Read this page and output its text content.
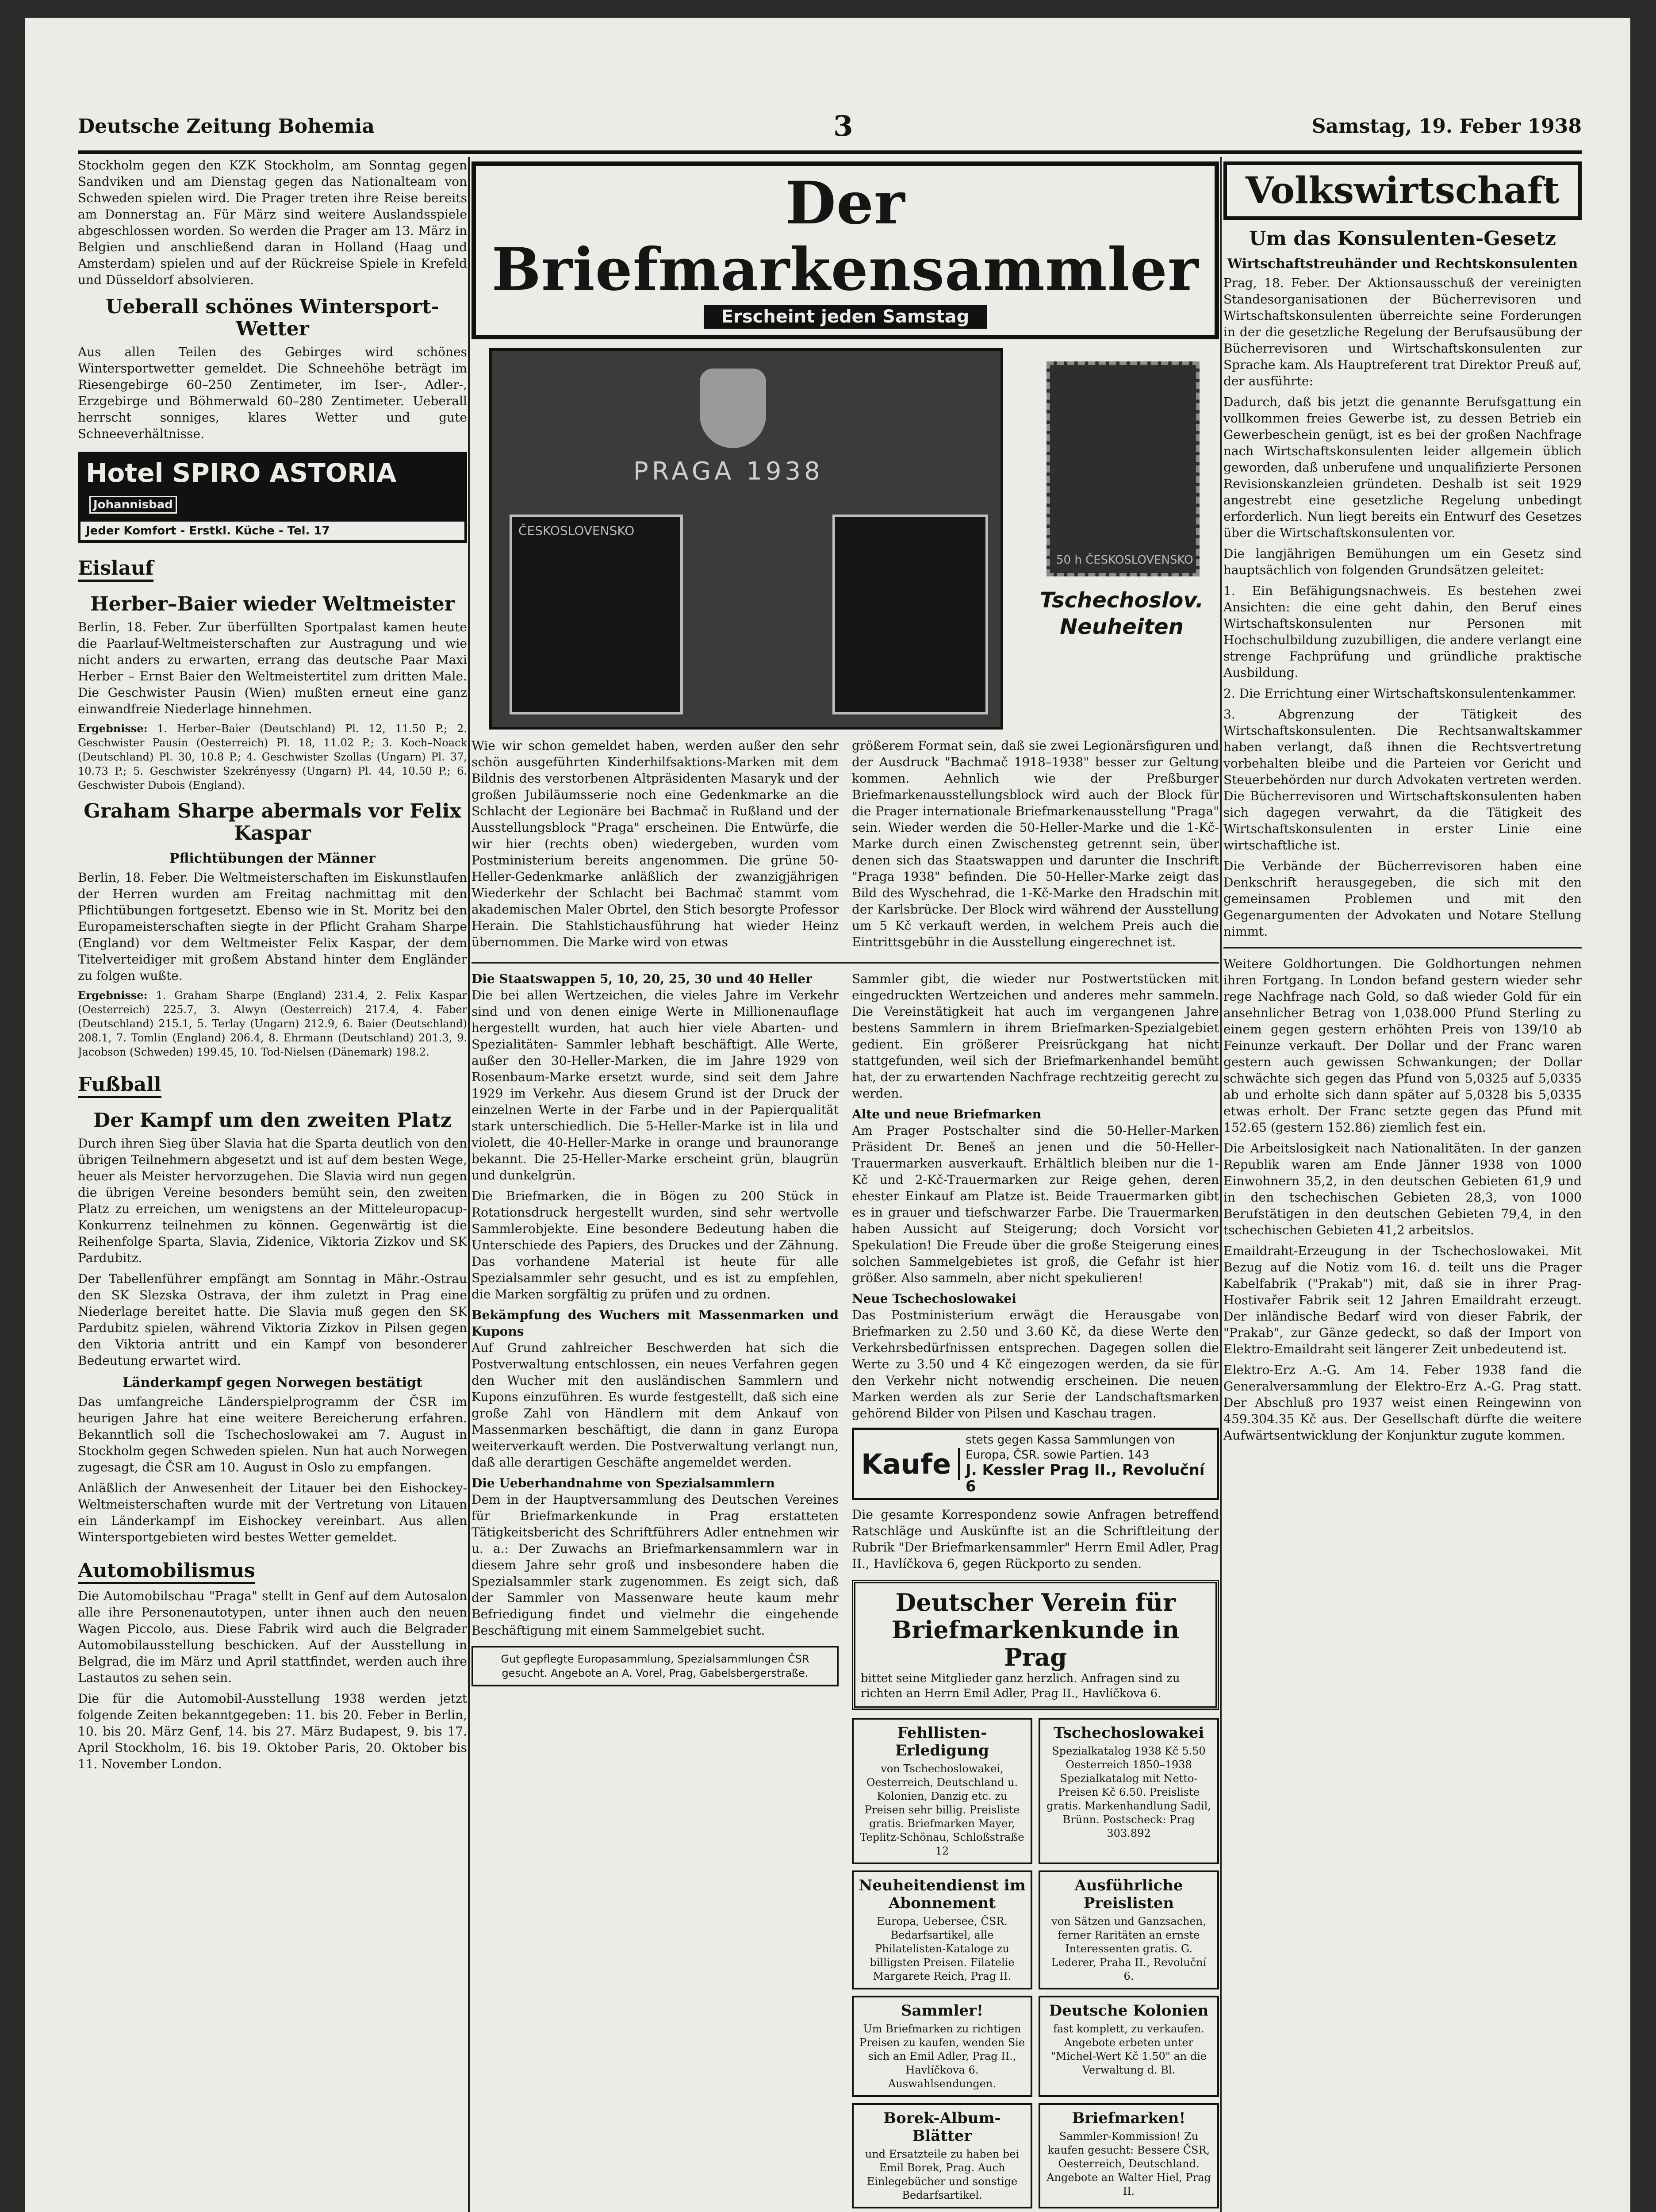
Deutsche Zeitung Bohemia	3	Samstag, 19. Feber 1938

Stockholm gegen den KZK Stockholm, am Sonntag gegen Sandviken und am Dienstag gegen das Nationalteam von Schweden spielen wird. Die Prager treten ihre Reise bereits am Donnerstag an. Für März sind weitere Auslandsspiele abgeschlossen worden. So werden die Prager am 13. März in Belgien und anschließend daran in Holland (Haag und Amsterdam) spielen und auf der Rückreise Spiele in Krefeld und Düsseldorf absolvieren.

Ueberall schönes Wintersport-Wetter

Aus allen Teilen des Gebirges wird schönes Wintersportwetter gemeldet. Die Schneehöhe beträgt im Riesengebirge 60–250 Zentimeter, im Iser-, Adler-, Erzgebirge und Böhmerwald 60–280 Zentimeter. Ueberall herrscht sonniges, klares Wetter und gute Schneeverhältnisse.

Hotel SPIRO ASTORIA Johannisbad
Jeder Komfort - Erstkl. Küche - Tel. 17
Eislauf
Herber–Baier wieder Weltmeister

Berlin, 18. Feber. Zur überfüllten Sportpalast kamen heute die Paarlauf-Weltmeisterschaften zur Austragung und wie nicht anders zu erwarten, errang das deutsche Paar Maxi Herber – Ernst Baier den Weltmeistertitel zum dritten Male. Die Geschwister Pausin (Wien) mußten erneut eine ganz einwandfreie Niederlage hinnehmen.

Ergebnisse: 1. Herber–Baier (Deutschland) Pl. 12, 11.50 P.; 2. Geschwister Pausin (Oesterreich) Pl. 18, 11.02 P.; 3. Koch–Noack (Deutschland) Pl. 30, 10.8 P.; 4. Geschwister Szollas (Ungarn) Pl. 37, 10.73 P.; 5. Geschwister Szekrényessy (Ungarn) Pl. 44, 10.50 P.; 6. Geschwister Dubois (England).

Graham Sharpe abermals vor Felix Kaspar
Pflichtübungen der Männer

Berlin, 18. Feber. Die Weltmeisterschaften im Eiskunstlaufen der Herren wurden am Freitag nachmittag mit den Pflichtübungen fortgesetzt. Ebenso wie in St. Moritz bei den Europameisterschaften siegte in der Pflicht Graham Sharpe (England) vor dem Weltmeister Felix Kaspar, der dem Titelverteidiger mit großem Abstand hinter dem Engländer zu folgen wußte.

Ergebnisse: 1. Graham Sharpe (England) 231.4, 2. Felix Kaspar (Oesterreich) 225.7, 3. Alwyn (Oesterreich) 217.4, 4. Faber (Deutschland) 215.1, 5. Terlay (Ungarn) 212.9, 6. Baier (Deutschland) 208.1, 7. Tomlin (England) 206.4, 8. Ehrmann (Deutschland) 201.3, 9. Jacobson (Schweden) 199.45, 10. Tod-Nielsen (Dänemark) 198.2.

Fußball
Der Kampf um den zweiten Platz

Durch ihren Sieg über Slavia hat die Sparta deutlich von den übrigen Teilnehmern abgesetzt und ist auf dem besten Wege, heuer als Meister hervorzugehen. Die Slavia wird nun gegen die übrigen Vereine besonders bemüht sein, den zweiten Platz zu erreichen, um wenigstens an der Mitteleuropacup-Konkurrenz teilnehmen zu können. Gegenwärtig ist die Reihenfolge Sparta, Slavia, Zidenice, Viktoria Zizkov und SK Pardubitz.

Der Tabellenführer empfängt am Sonntag in Mähr.-Ostrau den SK Slezska Ostrava, der ihm zuletzt in Prag eine Niederlage bereitet hatte. Die Slavia muß gegen den SK Pardubitz spielen, während Viktoria Zizkov in Pilsen gegen den Viktoria antritt und ein Kampf von besonderer Bedeutung erwartet wird.

Länderkampf gegen Norwegen bestätigt

Das umfangreiche Länderspielprogramm der ČSR im heurigen Jahre hat eine weitere Bereicherung erfahren. Bekanntlich soll die Tschechoslowakei am 7. August in Stockholm gegen Schweden spielen. Nun hat auch Norwegen zugesagt, die ČSR am 10. August in Oslo zu empfangen.

Anläßlich der Anwesenheit der Litauer bei den Eishockey-Weltmeisterschaften wurde mit der Vertretung von Litauen ein Länderkampf im Eishockey vereinbart. Aus allen Wintersportgebieten wird bestes Wetter gemeldet.

Automobilismus

Die Automobilschau "Praga" stellt in Genf auf dem Autosalon alle ihre Personenautotypen, unter ihnen auch den neuen Wagen Piccolo, aus. Diese Fabrik wird auch die Belgrader Automobilausstellung beschicken. Auf der Ausstellung in Belgrad, die im März und April stattfindet, werden auch ihre Lastautos zu sehen sein.

Die für die Automobil-Ausstellung 1938 werden jetzt folgende Zeiten bekanntgegeben: 11. bis 20. Feber in Berlin, 10. bis 20. März Genf, 14. bis 27. März Budapest, 9. bis 17. April Stockholm, 16. bis 19. Oktober Paris, 20. Oktober bis 11. November London.

Der Briefmarkensammler
Erscheint jeden Samstag
PRAGA 1938
ČESKOSLOVENSKO
50 h ČESKOSLOVENSKO
Tschechoslov. Neuheiten

Wie wir schon gemeldet haben, werden außer den sehr schön ausgeführten Kinderhilfsaktions-Marken mit dem Bildnis des verstorbenen Altpräsidenten Masaryk und der großen Jubiläumsserie noch eine Gedenkmarke an die Schlacht der Legionäre bei Bachmač in Rußland und der Ausstellungsblock "Praga" erscheinen. Die Entwürfe, die wir hier (rechts oben) wiedergeben, wurden vom Postministerium bereits angenommen. Die grüne 50-Heller-Gedenkmarke anläßlich der zwanzigjährigen Wiederkehr der Schlacht bei Bachmač stammt vom akademischen Maler Obrtel, den Stich besorgte Professor Herain. Die Stahlstichausführung hat wieder Heinz übernommen. Die Marke wird von etwas

größerem Format sein, daß sie zwei Legionärsfiguren und der Ausdruck "Bachmač 1918–1938" besser zur Geltung kommen. Aehnlich wie der Preßburger Briefmarkenausstellungsblock wird auch der Block für die Prager internationale Briefmarkenausstellung "Praga" sein. Wieder werden die 50-Heller-Marke und die 1-Kč-Marke durch einen Zwischensteg getrennt sein, über denen sich das Staatswappen und darunter die Inschrift "Praga 1938" befinden. Die 50-Heller-Marke zeigt das Bild des Wyschehrad, die 1-Kč-Marke den Hradschin mit der Karlsbrücke. Der Block wird während der Ausstellung um 5 Kč verkauft werden, in welchem Preis auch die Eintrittsgebühr in die Ausstellung eingerechnet ist.

Die Staatswappen 5, 10, 20, 25, 30 und 40 Heller
Die bei allen Wertzeichen, die vieles Jahre im Verkehr sind und von denen einige Werte in Millionenauflage hergestellt wurden, hat auch hier viele Abarten- und Spezialitäten- Sammler lebhaft beschäftigt. Alle Werte, außer den 30-Heller-Marken, die im Jahre 1929 von Rosenbaum-Marke ersetzt wurde, sind seit dem Jahre 1929 im Verkehr. Aus diesem Grund ist der Druck der einzelnen Werte in der Farbe und in der Papierqualität stark unterschiedlich. Die 5-Heller-Marke ist in lila und violett, die 40-Heller-Marke in orange und braunorange bekannt. Die 25-Heller-Marke erscheint grün, blaugrün und dunkelgrün.

Die Briefmarken, die in Bögen zu 200 Stück in Rotationsdruck hergestellt wurden, sind sehr wertvolle Sammlerobjekte. Eine besondere Bedeutung haben die Unterschiede des Papiers, des Druckes und der Zähnung. Das vorhandene Material ist heute für alle Spezialsammler sehr gesucht, und es ist zu empfehlen, die Marken sorgfältig zu prüfen und zu ordnen.

Bekämpfung des Wuchers mit Massenmarken und Kupons
Auf Grund zahlreicher Beschwerden hat sich die Postverwaltung entschlossen, ein neues Verfahren gegen den Wucher mit den ausländischen Sammlern und Kupons einzuführen. Es wurde festgestellt, daß sich eine große Zahl von Händlern mit dem Ankauf von Massenmarken beschäftigt, die dann in ganz Europa weiterverkauft werden. Die Postverwaltung verlangt nun, daß alle derartigen Geschäfte angemeldet werden.

Die Ueberhandnahme von Spezialsammlern
Dem in der Hauptversammlung des Deutschen Vereines für Briefmarkenkunde in Prag erstatteten Tätigkeitsbericht des Schriftführers Adler entnehmen wir u. a.: Der Zuwachs an Briefmarkensammlern war in diesem Jahre sehr groß und insbesondere haben die Spezialsammler stark zugenommen. Es zeigt sich, daß der Sammler von Massenware heute kaum mehr Befriedigung findet und vielmehr die eingehende Beschäftigung mit einem Sammelgebiet sucht.

Gut gepflegte Europasammlung, Spezialsammlungen ČSR gesucht. Angebote an A. Vorel, Prag, Gabelsbergerstraße.

Sammler gibt, die wieder nur Postwertstücken mit eingedruckten Wertzeichen und anderes mehr sammeln. Die Vereinstätigkeit hat auch im vergangenen Jahre bestens Sammlern in ihrem Briefmarken-Spezialgebiet gedient. Ein größerer Preisrückgang hat nicht stattgefunden, weil sich der Briefmarkenhandel bemüht hat, der zu erwartenden Nachfrage rechtzeitig gerecht zu werden.

Alte und neue Briefmarken
Am Prager Postschalter sind die 50-Heller-Marken Präsident Dr. Beneš an jenen und die 50-Heller-Trauermarken ausverkauft. Erhältlich bleiben nur die 1-Kč und 2-Kč-Trauermarken zur Reige gehen, deren ehester Einkauf am Platze ist. Beide Trauermarken gibt es in grauer und tiefschwarzer Farbe. Die Trauermarken haben Aussicht auf Steigerung; doch Vorsicht vor Spekulation! Die Freude über die große Steigerung eines solchen Sammelgebietes ist groß, die Gefahr ist hier größer. Also sammeln, aber nicht spekulieren!

Neue Tschechoslowakei
Das Postministerium erwägt die Herausgabe von Briefmarken zu 2.50 und 3.60 Kč, da diese Werte den Verkehrsbedürfnissen entsprechen. Dagegen sollen die Werte zu 3.50 und 4 Kč eingezogen werden, da sie für den Verkehr nicht notwendig erscheinen. Die neuen Marken werden als zur Serie der Landschaftsmarken gehörend Bilder von Pilsen und Kaschau tragen.

Kaufe
stets gegen Kassa Sammlungen von Europa, ČSR. sowie Partien. 143
J. Kessler Prag II., Revoluční 6

Die gesamte Korrespondenz sowie Anfragen betreffend Ratschläge und Auskünfte ist an die Schriftleitung der Rubrik "Der Briefmarkensammler" Herrn Emil Adler, Prag II., Havlíčkova 6, gegen Rückporto zu senden.

Deutscher Verein für Briefmarkenkunde in Prag
bittet seine Mitglieder ganz herzlich. Anfragen sind zu richten an Herrn Emil Adler, Prag II., Havlíčkova 6.
Fehllisten-Erledigung
von Tschechoslowakei, Oesterreich, Deutschland u. Kolonien, Danzig etc. zu Preisen sehr billig. Preisliste gratis. Briefmarken Mayer, Teplitz-Schönau, Schloßstraße 12
Tschechoslowakei
Spezialkatalog 1938 Kč 5.50 Oesterreich 1850–1938 Spezialkatalog mit Netto-Preisen Kč 6.50. Preisliste gratis. Markenhandlung Sadil, Brünn. Postscheck: Prag 303.892
Neuheitendienst im Abonnement
Europa, Uebersee, ČSR. Bedarfsartikel, alle Philatelisten-Kataloge zu billigsten Preisen. Filatelie Margarete Reich, Prag II.
Ausführliche Preislisten
von Sätzen und Ganzsachen, ferner Raritäten an ernste Interessenten gratis. G. Lederer, Praha II., Revoluční 6.
Sammler!
Um Briefmarken zu richtigen Preisen zu kaufen, wenden Sie sich an Emil Adler, Prag II., Havlíčkova 6. Auswahlsendungen.
Deutsche Kolonien
fast komplett, zu verkaufen. Angebote erbeten unter "Michel-Wert Kč 1.50" an die Verwaltung d. Bl.
Borek-Album-Blätter
und Ersatzteile zu haben bei Emil Borek, Prag. Auch Einlegebücher und sonstige Bedarfsartikel.
Briefmarken!
Sammler-Kommission! Zu kaufen gesucht: Bessere ČSR, Oesterreich, Deutschland. Angebote an Walter Hiel, Prag II.
Volkswirtschaft
Um das Konsulenten-Gesetz
Wirtschaftstreuhänder und Rechtskonsulenten

Prag, 18. Feber. Der Aktionsausschuß der vereinigten Standesorganisationen der Bücherrevisoren und Wirtschaftskonsulenten überreichte seine Forderungen in der die gesetzliche Regelung der Berufsausübung der Bücherrevisoren und Wirtschaftskonsulenten zur Sprache kam. Als Hauptreferent trat Direktor Preuß auf, der ausführte:

Dadurch, daß bis jetzt die genannte Berufsgattung ein vollkommen freies Gewerbe ist, zu dessen Betrieb ein Gewerbeschein genügt, ist es bei der großen Nachfrage nach Wirtschaftskonsulenten leider allgemein üblich geworden, daß unberufene und unqualifizierte Personen Revisionskanzleien gründeten. Deshalb ist seit 1929 angestrebt eine gesetzliche Regelung unbedingt erforderlich. Nun liegt bereits ein Entwurf des Gesetzes über die Wirtschaftskonsulenten vor.

Die langjährigen Bemühungen um ein Gesetz sind hauptsächlich von folgenden Grundsätzen geleitet:

1. Ein Befähigungsnachweis. Es bestehen zwei Ansichten: die eine geht dahin, den Beruf eines Wirtschaftskonsulenten nur Personen mit Hochschulbildung zuzubilligen, die andere verlangt eine strenge Fachprüfung und gründliche praktische Ausbildung.

2. Die Errichtung einer Wirtschaftskonsulentenkammer.

3. Abgrenzung der Tätigkeit des Wirtschaftskonsulenten. Die Rechtsanwaltskammer haben verlangt, daß ihnen die Rechtsvertretung vorbehalten bleibe und die Parteien vor Gericht und Steuerbehörden nur durch Advokaten vertreten werden. Die Bücherrevisoren und Wirtschaftskonsulenten haben sich dagegen verwahrt, da die Tätigkeit des Wirtschaftskonsulenten in erster Linie eine wirtschaftliche ist.

Die Verbände der Bücherrevisoren haben eine Denkschrift herausgegeben, die sich mit den gemeinsamen Problemen und mit den Gegenargumenten der Advokaten und Notare Stellung nimmt.

Weitere Goldhortungen. Die Goldhortungen nehmen ihren Fortgang. In London befand gestern wieder sehr rege Nachfrage nach Gold, so daß wieder Gold für ein ansehnlicher Betrag von 1,038.000 Pfund Sterling zu einem gegen gestern erhöhten Preis von 139/10 ab Feinunze verkauft. Der Dollar und der Franc waren gestern auch gewissen Schwankungen; der Dollar schwächte sich gegen das Pfund von 5,0325 auf 5,0335 ab und erholte sich dann später auf 5,0328 bis 5,0335 etwas erholt. Der Franc setzte gegen das Pfund mit 152.65 (gestern 152.86) ziemlich fest ein.

Die Arbeitslosigkeit nach Nationalitäten. In der ganzen Republik waren am Ende Jänner 1938 von 1000 Einwohnern 35,2, in den deutschen Gebieten 61,9 und in den tschechischen Gebieten 28,3, von 1000 Berufstätigen in den deutschen Gebieten 79,4, in den tschechischen Gebieten 41,2 arbeitslos.

Emaildraht-Erzeugung in der Tschechoslowakei. Mit Bezug auf die Notiz vom 16. d. teilt uns die Prager Kabelfabrik ("Prakab") mit, daß sie in ihrer Prag-Hostivařer Fabrik seit 12 Jahren Emaildraht erzeugt. Der inländische Bedarf wird von dieser Fabrik, der "Prakab", zur Gänze gedeckt, so daß der Import von Elektro-Emaildraht seit längerer Zeit unbedeutend ist.

Elektro-Erz A.-G. Am 14. Feber 1938 fand die Generalversammlung der Elektro-Erz A.-G. Prag statt. Der Abschluß pro 1937 weist einen Reingewinn von 459.304.35 Kč aus. Der Gesellschaft dürfte die weitere Aufwärtsentwicklung der Konjunktur zugute kommen.
